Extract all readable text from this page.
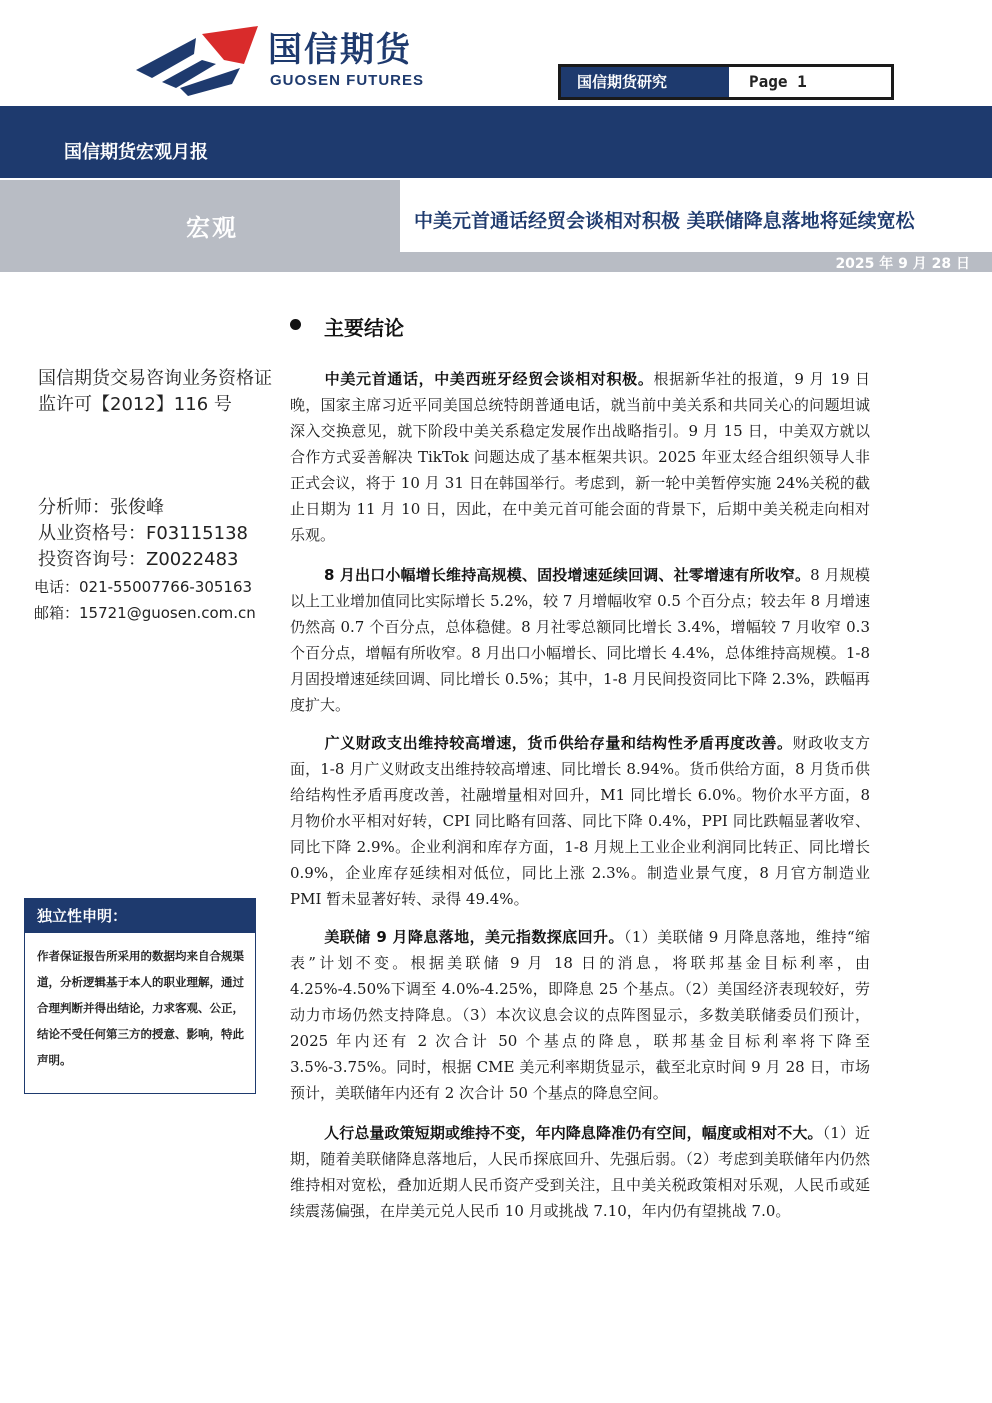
国信期货
GUOSEN FUTURES	国信期货研究	Page 1
国信期货宏观月报
宏观	中美元首通话经贸会谈相对积极 美联储降息落地将延续宽松
2025 年 9 月 28 日
国信期货交易咨询业务资格证监许可【2012】116 号
分析师：张俊峰
从业资格号：F03115138
投资咨询号：Z0022483
电话：021-55007766-305163
邮箱：15721@guosen.com.cn
独立性申明：
作者保证报告所采用的数据均来自合规渠道，分析逻辑基于本人的职业理解，通过合理判断并得出结论，力求客观、公正，结论不受任何第三方的授意、影响，特此声明。
主要结论
中美元首通话，中美西班牙经贸会谈相对积极。根据新华社的报道，9 月 19 日晚，国家主席习近平同美国总统特朗普通电话，就当前中美关系和共同关心的问题坦诚深入交换意见，就下阶段中美关系稳定发展作出战略指引。9 月 15 日，中美双方就以合作方式妥善解决 TikTok 问题达成了基本框架共识。2025 年亚太经合组织领导人非正式会议，将于 10 月 31 日在韩国举行。考虑到，新一轮中美暂停实施 24%关税的截止日期为 11 月 10 日，因此，在中美元首可能会面的背景下，后期中美关税走向相对乐观。
8 月出口小幅增长维持高规模、固投增速延续回调、社零增速有所收窄。8 月规模以上工业增加值同比实际增长 5.2%，较 7 月增幅收窄 0.5 个百分点；较去年 8 月增速仍然高 0.7 个百分点，总体稳健。8 月社零总额同比增长 3.4%，增幅较 7 月收窄 0.3 个百分点，增幅有所收窄。8 月出口小幅增长、同比增长 4.4%，总体维持高规模。1-8 月固投增速延续回调、同比增长 0.5%；其中，1-8 月民间投资同比下降 2.3%，跌幅再度扩大。
广义财政支出维持较高增速，货币供给存量和结构性矛盾再度改善。财政收支方面，1-8 月广义财政支出维持较高增速、同比增长 8.94%。货币供给方面，8 月货币供给结构性矛盾再度改善，社融增量相对回升，M1 同比增长 6.0%。物价水平方面，8 月物价水平相对好转，CPI 同比略有回落、同比下降 0.4%，PPI 同比跌幅显著收窄、同比下降 2.9%。企业利润和库存方面，1-8 月规上工业企业利润同比转正、同比增长 0.9%，企业库存延续相对低位，同比上涨 2.3%。制造业景气度，8 月官方制造业 PMI 暂未显著好转、录得 49.4%。
美联储 9 月降息落地，美元指数探底回升。（1）美联储 9 月降息落地，维持“缩表”计划不变。根据美联储 9 月 18 日的消息，将联邦基金目标利率，由 4.25%-4.50%下调至 4.0%-4.25%，即降息 25 个基点。（2）美国经济表现较好，劳动力市场仍然支持降息。（3）本次议息会议的点阵图显示，多数美联储委员们预计，2025 年内还有 2 次合计 50 个基点的降息，联邦基金目标利率将下降至 3.5%-3.75%。同时，根据 CME 美元利率期货显示，截至北京时间 9 月 28 日，市场预计，美联储年内还有 2 次合计 50 个基点的降息空间。
人行总量政策短期或维持不变，年内降息降准仍有空间，幅度或相对不大。（1）近期，随着美联储降息落地后，人民币探底回升、先强后弱。（2）考虑到美联储年内仍然维持相对宽松，叠加近期人民币资产受到关注，且中美关税政策相对乐观，人民币或延续震荡偏强，在岸美元兑人民币 10 月或挑战 7.10，年内仍有望挑战 7.0。
